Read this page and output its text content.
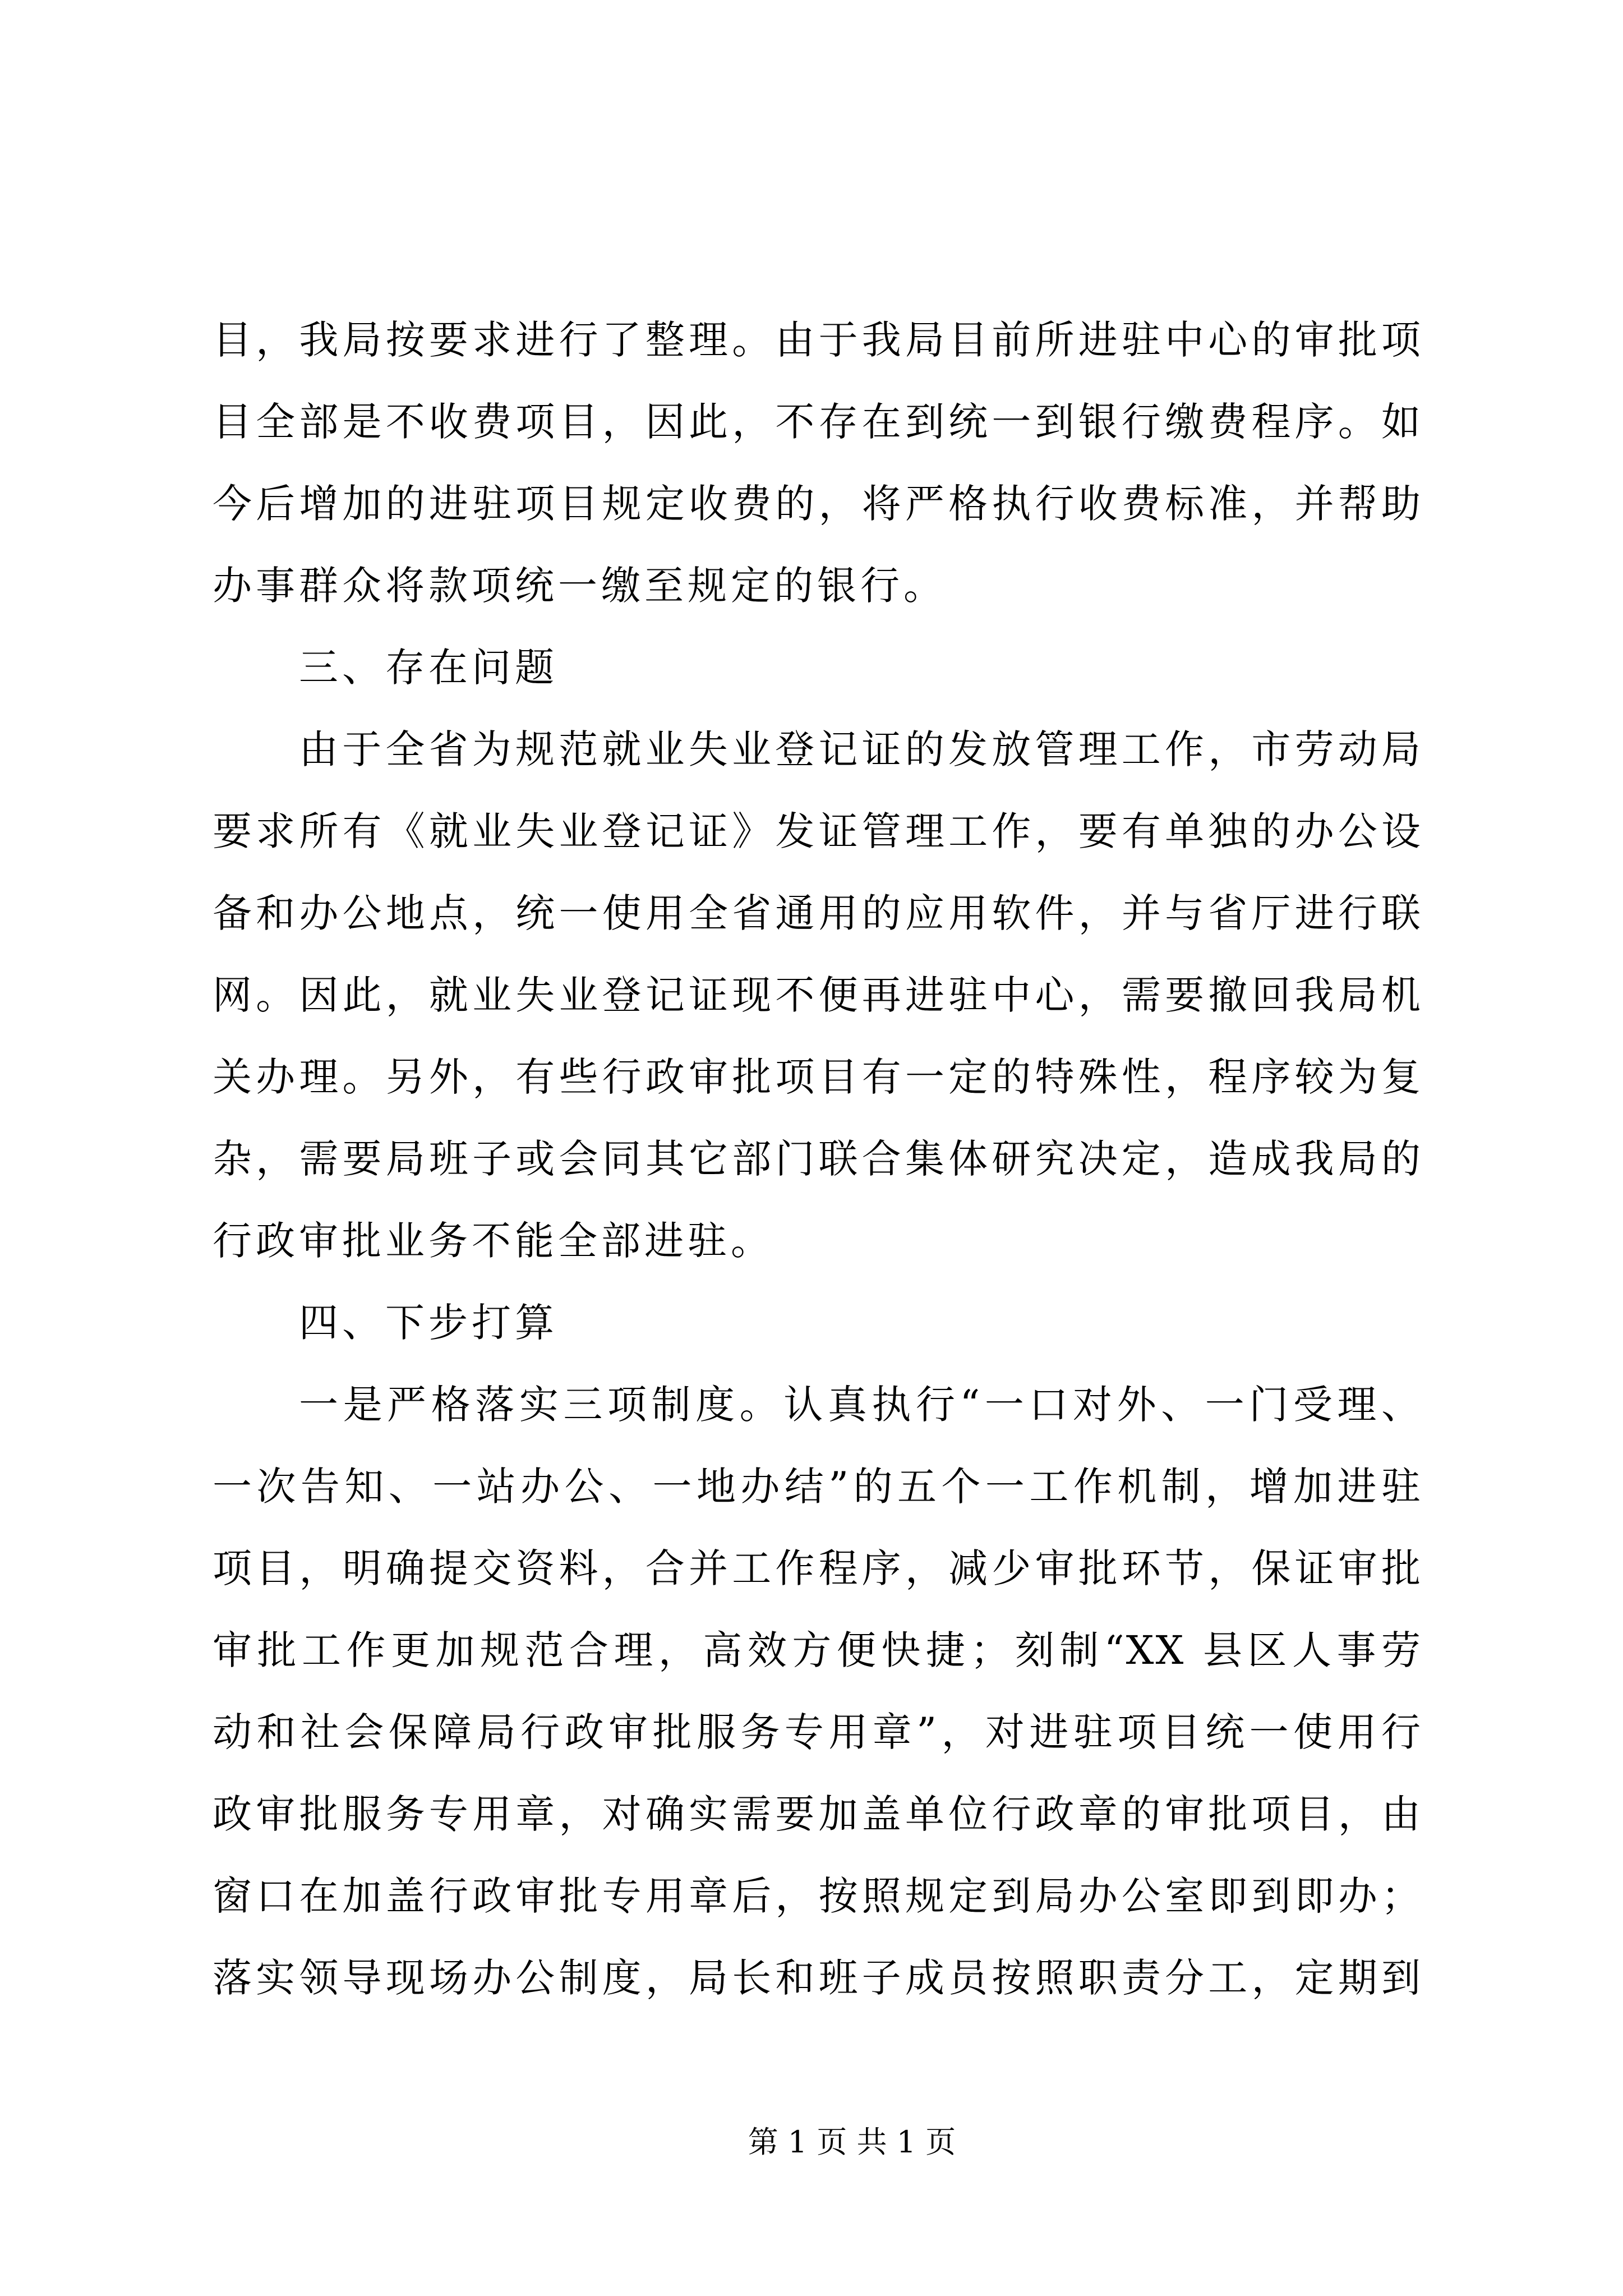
目，我局按要求进行了整理。由于我局目前所进驻中心的审批项
目全部是不收费项目，因此，不存在到统一到银行缴费程序。如
今后增加的进驻项目规定收费的，将严格执行收费标准，并帮助
办事群众将款项统一缴至规定的银行。
三、存在问题
由于全省为规范就业失业登记证的发放管理工作，市劳动局
要求所有《就业失业登记证》发证管理工作，要有单独的办公设
备和办公地点，统一使用全省通用的应用软件，并与省厅进行联
网。因此，就业失业登记证现不便再进驻中心，需要撤回我局机
关办理。另外，有些行政审批项目有一定的特殊性，程序较为复
杂，需要局班子或会同其它部门联合集体研究决定，造成我局的
行政审批业务不能全部进驻。
四、下步打算
一是严格落实三项制度。认真执行“一口对外、一门受理、
一次告知、一站办公、一地办结”的五个一工作机制，增加进驻
项目，明确提交资料，合并工作程序，减少审批环节，保证审批
审批工作更加规范合理，高效方便快捷；刻制“XX 县区人事劳
动和社会保障局行政审批服务专用章”，对进驻项目统一使用行
政审批服务专用章，对确实需要加盖单位行政章的审批项目，由
窗口在加盖行政审批专用章后，按照规定到局办公室即到即办；
落实领导现场办公制度，局长和班子成员按照职责分工，定期到
第 1 页 共 1 页
